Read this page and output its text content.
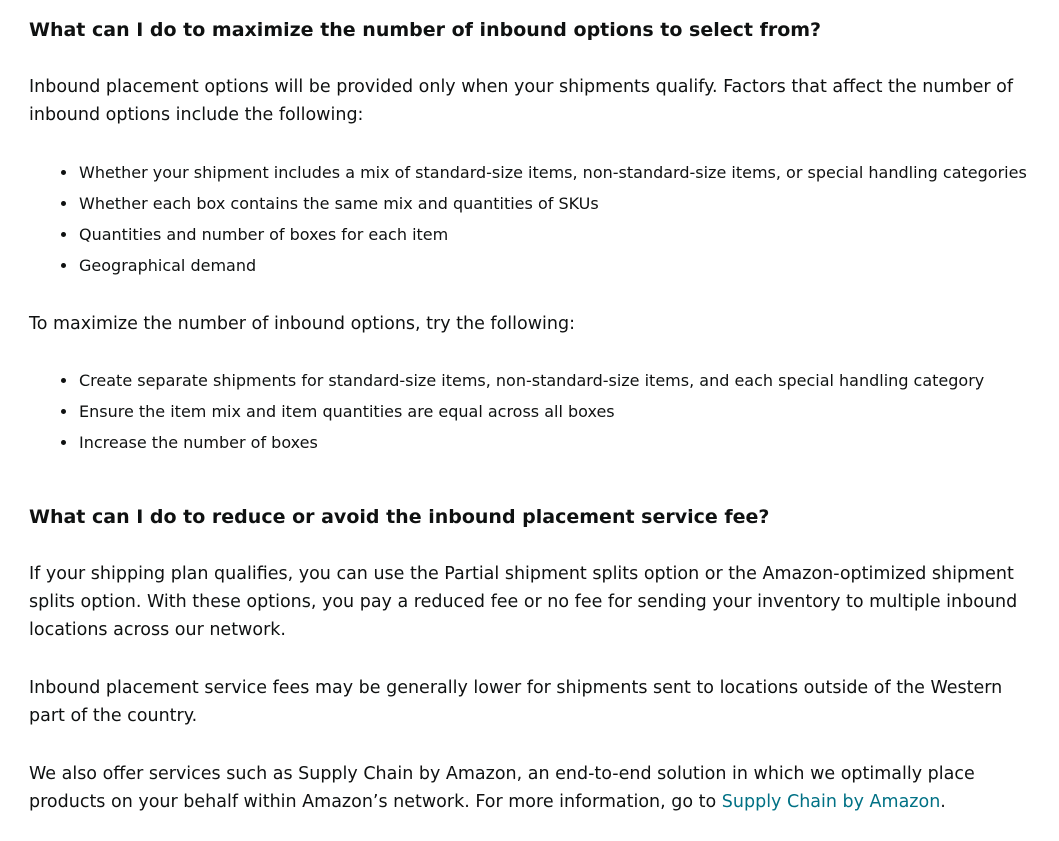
What can I do to maximize the number of inbound options to select from?

Inbound placement options will be provided only when your shipments qualify. Factors that affect the number of inbound options include the following:

Whether your shipment includes a mix of standard-size items, non-standard-size items, or special handling categories
Whether each box contains the same mix and quantities of SKUs
Quantities and number of boxes for each item
Geographical demand

To maximize the number of inbound options, try the following:

Create separate shipments for standard-size items, non-standard-size items, and each special handling category
Ensure the item mix and item quantities are equal across all boxes
Increase the number of boxes
What can I do to reduce or avoid the inbound placement service fee?

If your shipping plan qualifies, you can use the Partial shipment splits option or the Amazon-optimized shipment splits option. With these options, you pay a reduced fee or no fee for sending your inventory to multiple inbound locations across our network.

Inbound placement service fees may be generally lower for shipments sent to locations outside of the Western part of the country.

We also offer services such as Supply Chain by Amazon, an end-to-end solution in which we optimally place products on your behalf within Amazon’s network. For more information, go to Supply Chain by Amazon.
